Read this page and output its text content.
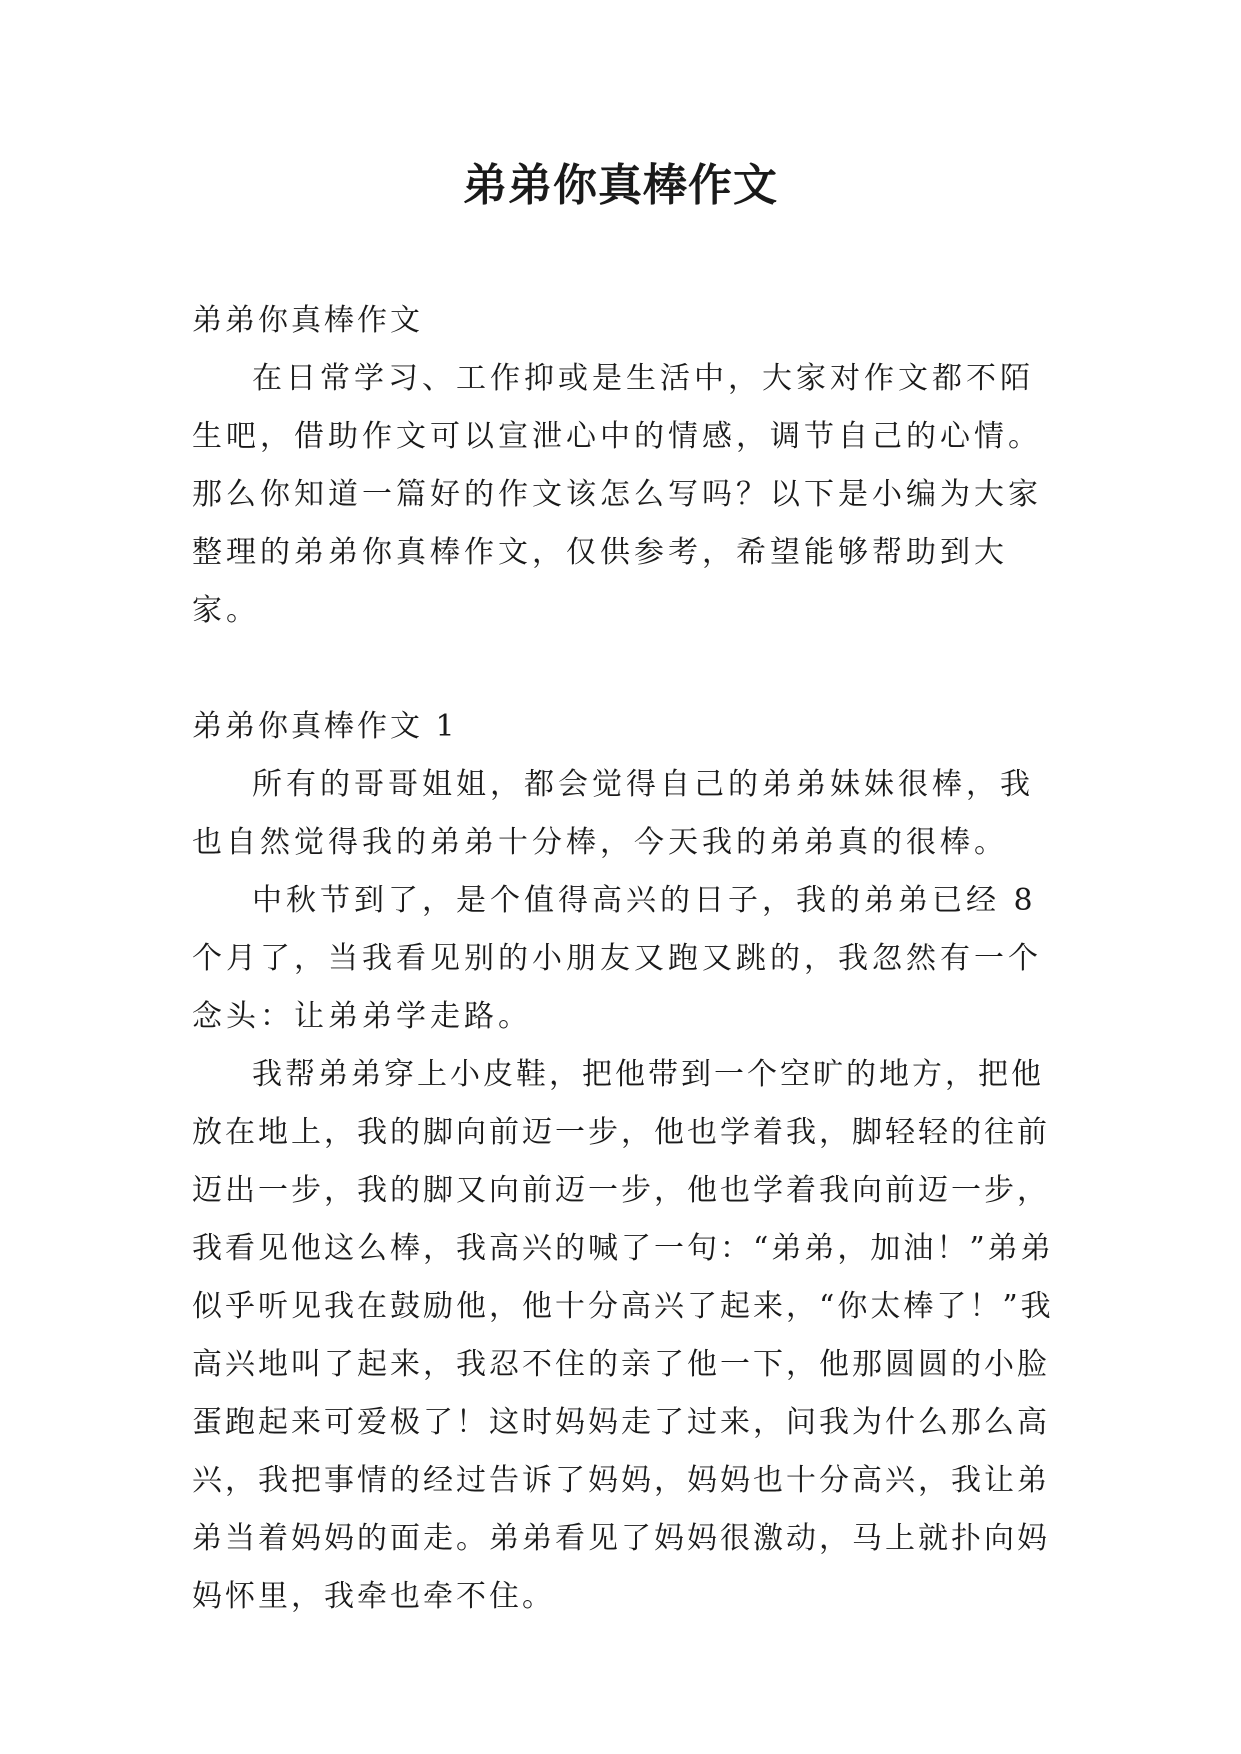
弟弟你真棒作文

弟弟你真棒作文

在日常学习、工作抑或是生活中，大家对作文都不陌生吧，借助作文可以宣泄心中的情感，调节自己的心情。那么你知道一篇好的作文该怎么写吗？以下是小编为大家整理的弟弟你真棒作文，仅供参考，希望能够帮助到大家。

弟弟你真棒作文 1

所有的哥哥姐姐，都会觉得自己的弟弟妹妹很棒，我也自然觉得我的弟弟十分棒，今天我的弟弟真的很棒。

中秋节到了，是个值得高兴的日子，我的弟弟已经 8 个月了，当我看见别的小朋友又跑又跳的，我忽然有一个念头：让弟弟学走路。

我帮弟弟穿上小皮鞋，把他带到一个空旷的地方，把他放在地上，我的脚向前迈一步，他也学着我，脚轻轻的往前迈出一步，我的脚又向前迈一步，他也学着我向前迈一步，我看见他这么棒，我高兴的喊了一句：“弟弟，加油！”弟弟似乎听见我在鼓励他，他十分高兴了起来，“你太棒了！”我高兴地叫了起来，我忍不住的亲了他一下，他那圆圆的小脸蛋跑起来可爱极了！这时妈妈走了过来，问我为什么那么高兴，我把事情的经过告诉了妈妈，妈妈也十分高兴，我让弟弟当着妈妈的面走。弟弟看见了妈妈很激动，马上就扑向妈妈怀里，我牵也牵不住。
